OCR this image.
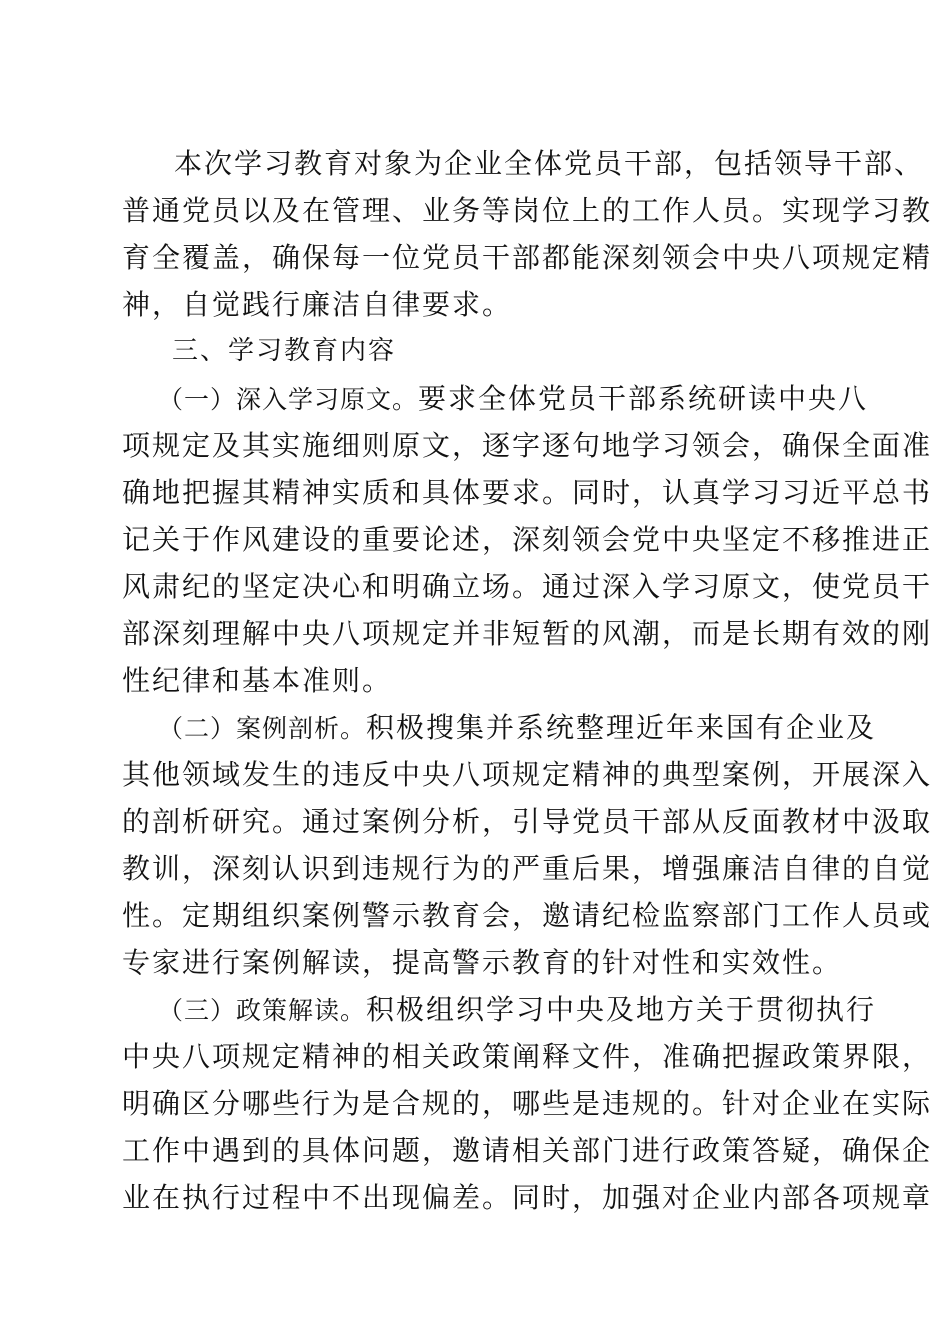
本次学习教育对象为企业全体党员干部，包括领导干部、
普通党员以及在管理、业务等岗位上的工作人员。实现学习教
育全覆盖，确保每一位党员干部都能深刻领会中央八项规定精
神，自觉践行廉洁自律要求。
三、学习教育内容
（一）深入学习原文。要求全体党员干部系统研读中央八
项规定及其实施细则原文，逐字逐句地学习领会，确保全面准
确地把握其精神实质和具体要求。同时，认真学习习近平总书
记关于作风建设的重要论述，深刻领会党中央坚定不移推进正
风肃纪的坚定决心和明确立场。通过深入学习原文，使党员干
部深刻理解中央八项规定并非短暂的风潮，而是长期有效的刚
性纪律和基本准则。
（二）案例剖析。积极搜集并系统整理近年来国有企业及
其他领域发生的违反中央八项规定精神的典型案例，开展深入
的剖析研究。通过案例分析，引导党员干部从反面教材中汲取
教训，深刻认识到违规行为的严重后果，增强廉洁自律的自觉
性。定期组织案例警示教育会，邀请纪检监察部门工作人员或
专家进行案例解读，提高警示教育的针对性和实效性。
（三）政策解读。积极组织学习中央及地方关于贯彻执行
中央八项规定精神的相关政策阐释文件，准确把握政策界限，
明确区分哪些行为是合规的，哪些是违规的。针对企业在实际
工作中遇到的具体问题，邀请相关部门进行政策答疑，确保企
业在执行过程中不出现偏差。同时，加强对企业内部各项规章
